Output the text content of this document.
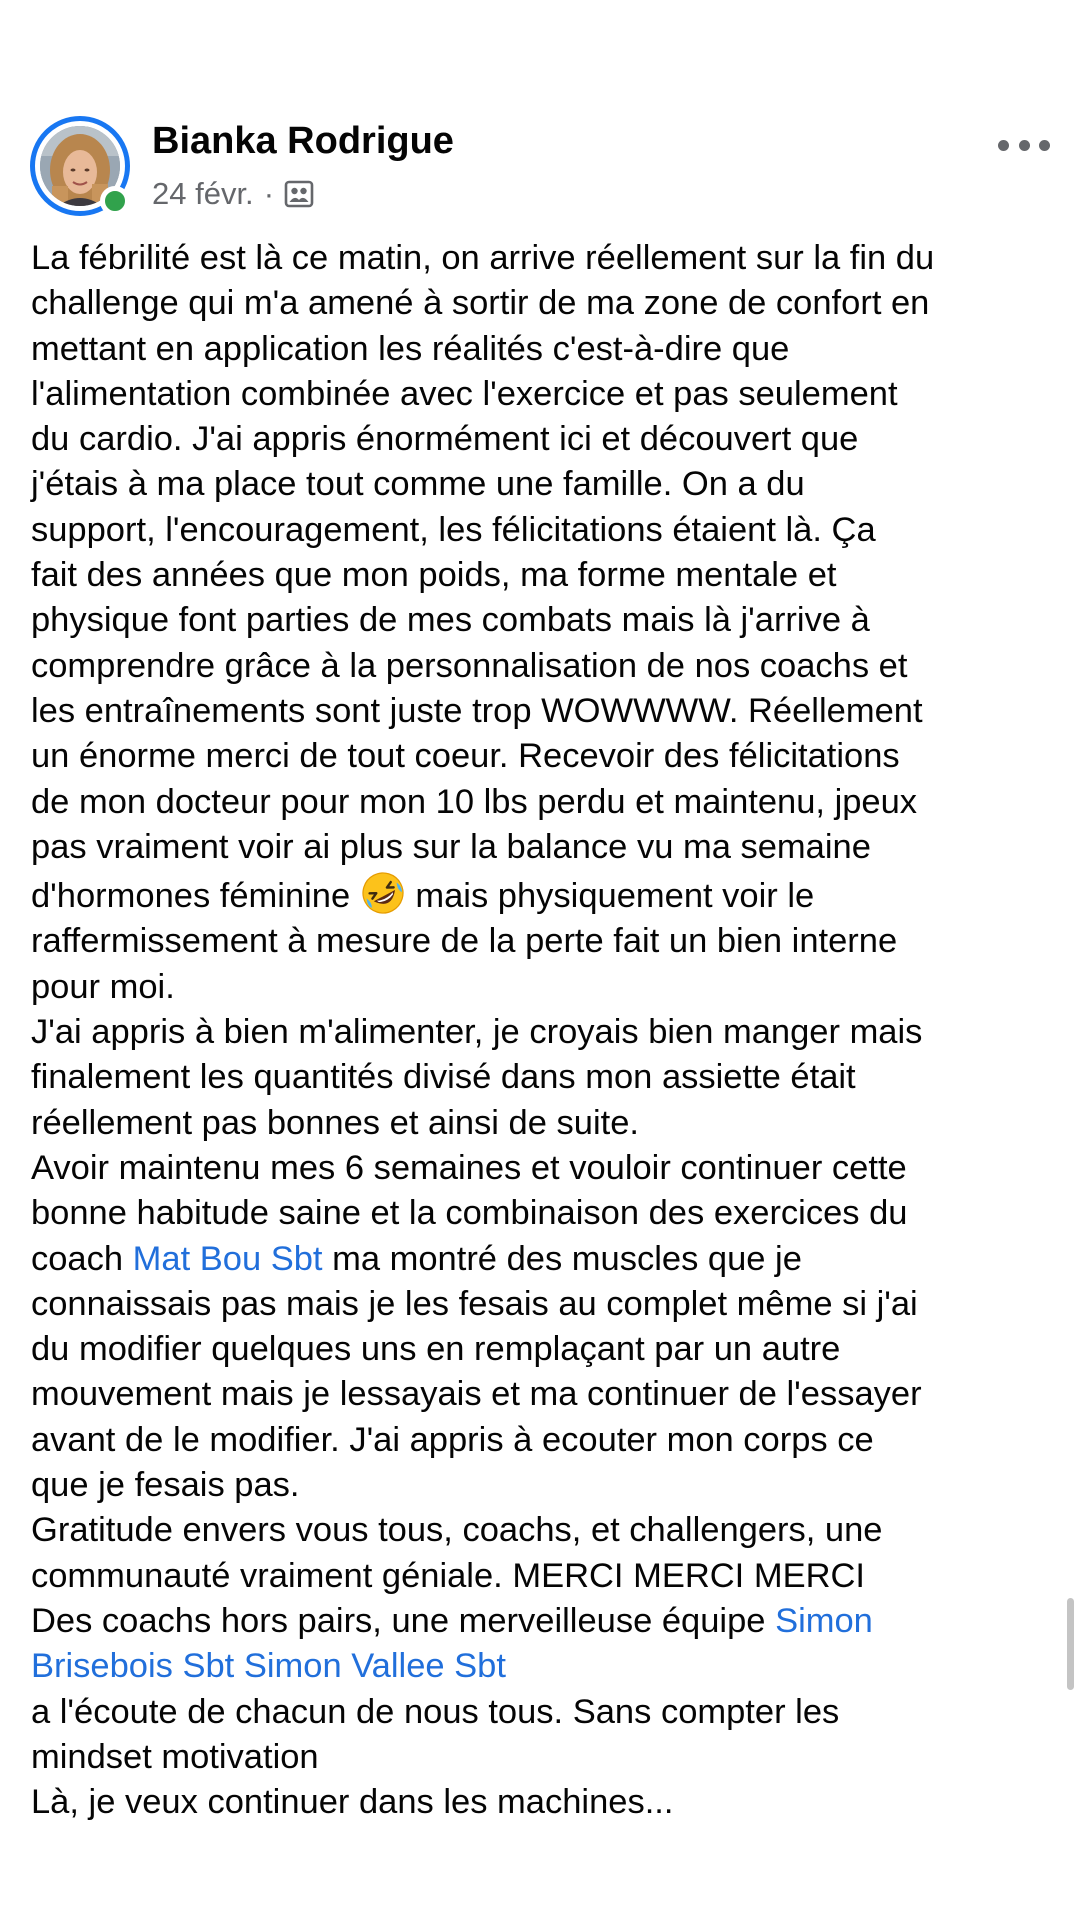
Bianka Rodrigue
24 févr. ·

La fébrilité est là ce matin, on arrive réellement sur la fin du

challenge qui m'a amené à sortir de ma zone de confort en

mettant en application les réalités c'est-à-dire que

l'alimentation combinée avec l'exercice et pas seulement

du cardio. J'ai appris énormément ici et découvert que

j'étais à ma place tout comme une famille. On a du

support, l'encouragement, les félicitations étaient là. Ça

fait des années que mon poids, ma forme mentale et

physique font parties de mes combats mais là j'arrive à

comprendre grâce à la personnalisation de nos coachs et

les entraînements sont juste trop WOWWWW. Réellement

un énorme merci de tout coeur. Recevoir des félicitations

de mon docteur pour mon 10 lbs perdu et maintenu, jpeux

pas vraiment voir ai plus sur la balance vu ma semaine

d'hormones féminine mais physiquement voir le

raffermissement à mesure de la perte fait un bien interne

pour moi.

J'ai appris à bien m'alimenter, je croyais bien manger mais

finalement les quantités divisé dans mon assiette était

réellement pas bonnes et ainsi de suite.

Avoir maintenu mes 6 semaines et vouloir continuer cette

bonne habitude saine et la combinaison des exercices du

coach Mat Bou Sbt ma montré des muscles que je

connaissais pas mais je les fesais au complet même si j'ai

du modifier quelques uns en remplaçant par un autre

mouvement mais je lessayais et ma continuer de l'essayer

avant de le modifier. J'ai appris à ecouter mon corps ce

que je fesais pas.

Gratitude envers vous tous, coachs, et challengers, une

communauté vraiment géniale. MERCI MERCI MERCI

Des coachs hors pairs, une merveilleuse équipe Simon

Brisebois Sbt Simon Vallee Sbt

a l'écoute de chacun de nous tous. Sans compter les

mindset motivation

Là, je veux continuer dans les machines...
